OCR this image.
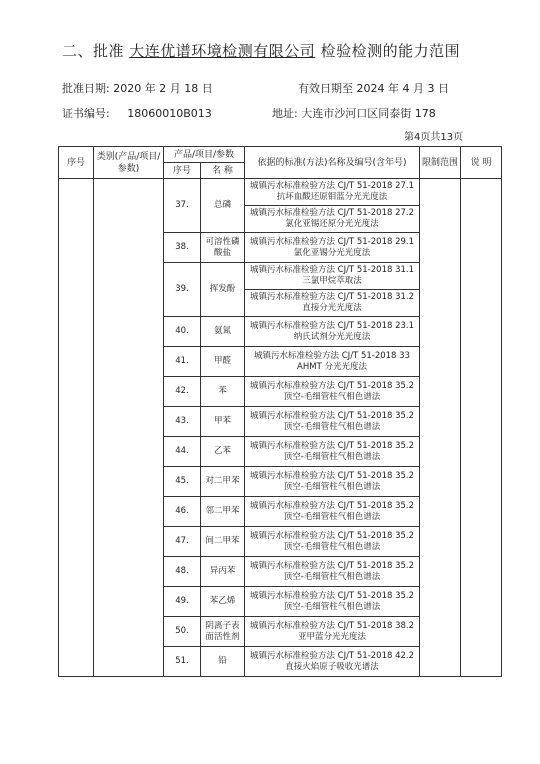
二、批准 大连优谱环境检测有限公司 检验检测的能力范围
批准日期: 2020 年 2 月 18 日	有效日期至 2024 年 4 月 3 日
证书编号: 18060010B013	地址: 大连市沙河口区同泰街 178
第4页共13页
序号	类别(产品/项目/参数)	产品/项目/参数		依据的标准(方法)名称及编号(含年号)	限制范围	说 明
		序号	名 称			
		37.	总磷	城镇污水标准检验方法 CJ/T 51-2018 27.1 抗坏血酸还原钼蓝分光光度法		
				城镇污水标准检验方法 CJ/T 51-2018 27.2 氯化亚锡还原分光光度法		
		38.	可溶性磷酸盐	城镇污水标准检验方法 CJ/T 51-2018 29.1 氯化亚锡分光光度法		
		39.	挥发酚	城镇污水标准检验方法 CJ/T 51-2018 31.1 三氯甲烷萃取法		
				城镇污水标准检验方法 CJ/T 51-2018 31.2 直接分光光度法		
		40.	氨氮	城镇污水标准检验方法 CJ/T 51-2018 23.1 纳氏试剂分光光度法		
		41.	甲醛	城镇污水标准检验方法 CJ/T 51-2018 33 AHMT 分光光度法		
		42.	苯	城镇污水标准检验方法 CJ/T 51-2018 35.2 顶空-毛细管柱气相色谱法		
		43.	甲苯	城镇污水标准检验方法 CJ/T 51-2018 35.2 顶空-毛细管柱气相色谱法		
		44.	乙苯	城镇污水标准检验方法 CJ/T 51-2018 35.2 顶空-毛细管柱气相色谱法		
		45.	对二甲苯	城镇污水标准检验方法 CJ/T 51-2018 35.2 顶空-毛细管柱气相色谱法		
		46.	邻二甲苯	城镇污水标准检验方法 CJ/T 51-2018 35.2 顶空-毛细管柱气相色谱法		
		47.	间二甲苯	城镇污水标准检验方法 CJ/T 51-2018 35.2 顶空-毛细管柱气相色谱法		
		48.	异丙苯	城镇污水标准检验方法 CJ/T 51-2018 35.2 顶空-毛细管柱气相色谱法		
		49.	苯乙烯	城镇污水标准检验方法 CJ/T 51-2018 35.2 顶空-毛细管柱气相色谱法		
		50.	阴离子表面活性剂	城镇污水标准检验方法 CJ/T 51-2018 38.2 亚甲蓝分光光度法		
		51.	铅	城镇污水标准检验方法 CJ/T 51-2018 42.2 直接火焰原子吸收光谱法		
